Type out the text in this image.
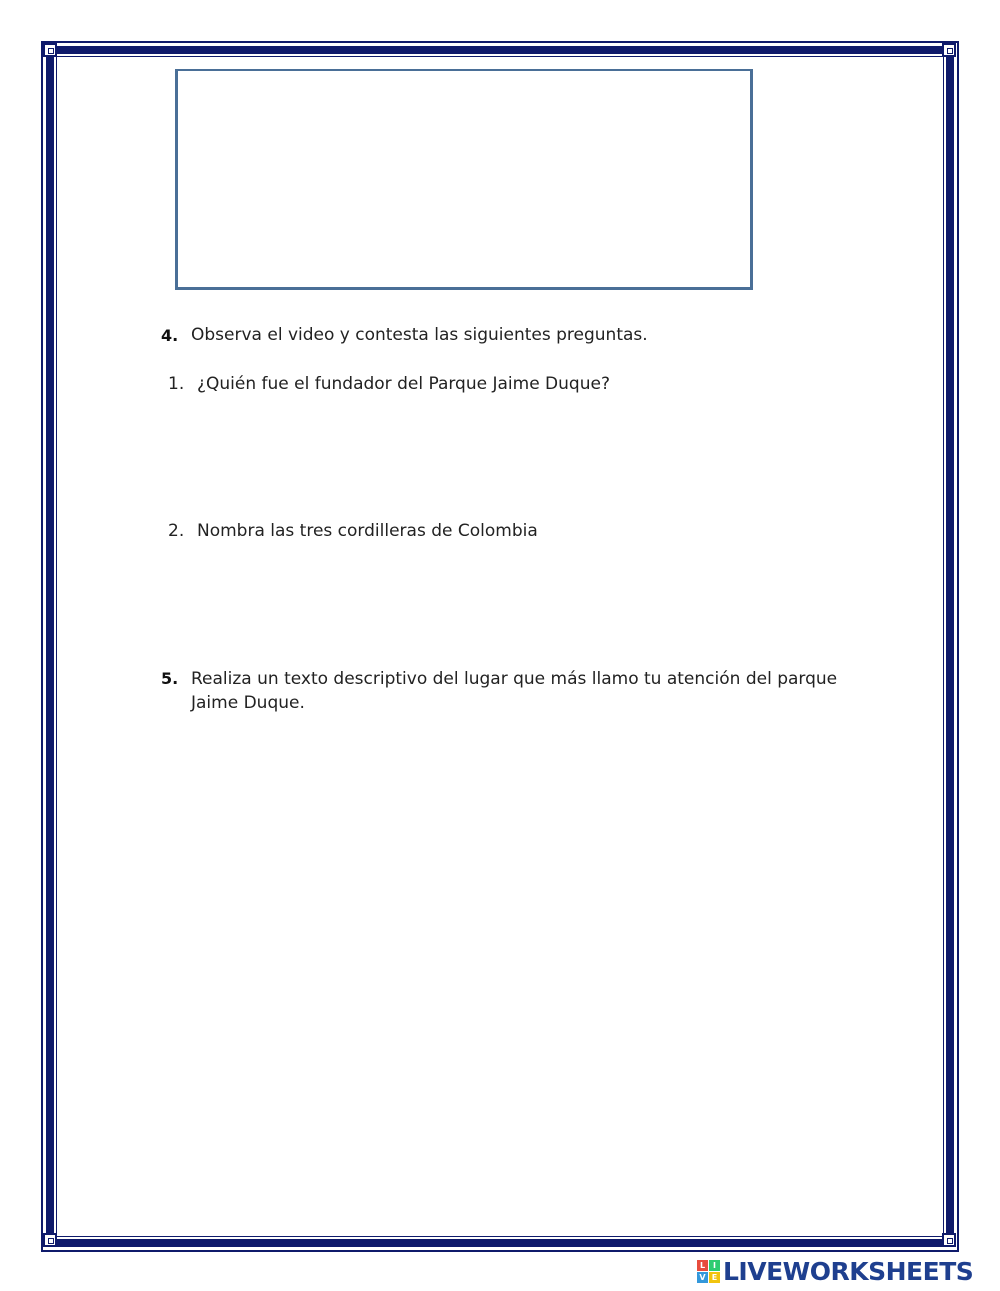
4. Observa el video y contesta las siguientes preguntas.
1. ¿Quién fue el fundador del Parque Jaime Duque?
2. Nombra las tres cordilleras de Colombia
5. Realiza un texto descriptivo del lugar que más llamo tu atención del parque Jaime Duque.
L I
V E LIVEWORKSHEETS
